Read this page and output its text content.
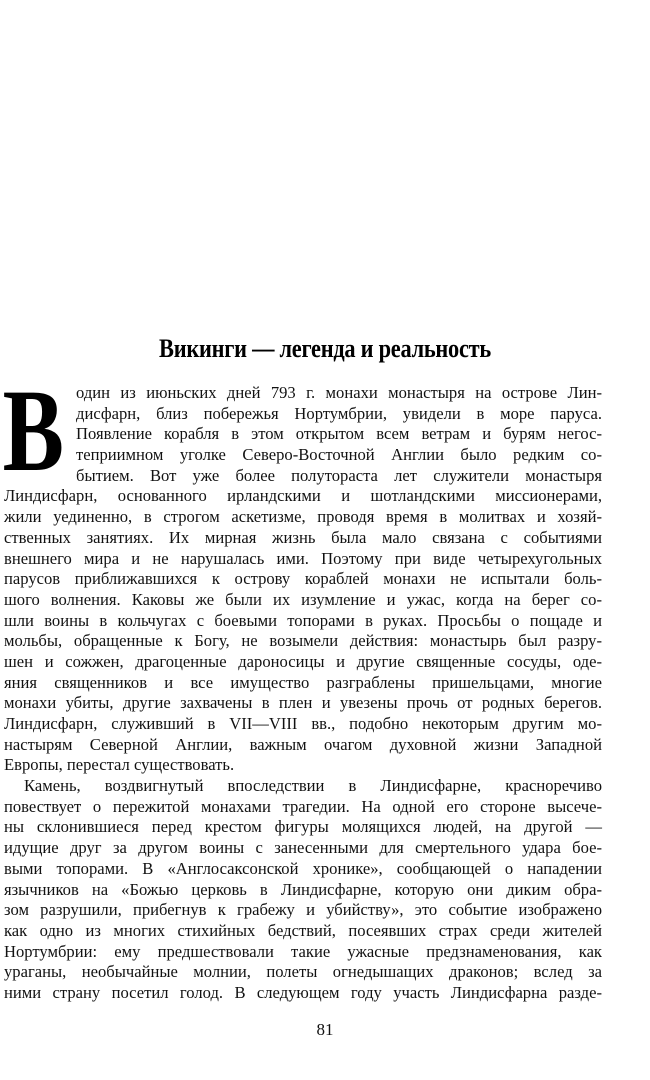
Викинги — легенда и реальность
В один из июньских дней 793 г. монахи монастыря на острове Лин-
дисфарн, близ побережья Нортумбрии, увидели в море паруса.
Появление корабля в этом открытом всем ветрам и бурям негос-
теприимном уголке Северо-Восточной Англии было редким со-
бытием. Вот уже более полутораста лет служители монастыря
Линдисфарн, основанного ирландскими и шотландскими миссионерами,
жили уединенно, в строгом аскетизме, проводя время в молитвах и хозяй-
ственных занятиях. Их мирная жизнь была мало связана с событиями
внешнего мира и не нарушалась ими. Поэтому при виде четырехугольных
парусов приближавшихся к острову кораблей монахи не испытали боль-
шого волнения. Каковы же были их изумление и ужас, когда на берег со-
шли воины в кольчугах с боевыми топорами в руках. Просьбы о пощаде и
мольбы, обращенные к Богу, не возымели действия: монастырь был разру-
шен и сожжен, драгоценные дароносицы и другие священные сосуды, оде-
яния священников и все имущество разграблены пришельцами, многие
монахи убиты, другие захвачены в плен и увезены прочь от родных берегов.
Линдисфарн, служивший в VII—VIII вв., подобно некоторым другим мо-
настырям Северной Англии, важным очагом духовной жизни Западной
Европы, перестал существовать.
Камень, воздвигнутый впоследствии в Линдисфарне, красноречиво
повествует о пережитой монахами трагедии. На одной его стороне высече-
ны склонившиеся перед крестом фигуры молящихся людей, на другой —
идущие друг за другом воины с занесенными для смертельного удара бое-
выми топорами. В «Англосаксонской хронике», сообщающей о нападении
язычников на «Божью церковь в Линдисфарне, которую они диким обра-
зом разрушили, прибегнув к грабежу и убийству», это событие изображено
как одно из многих стихийных бедствий, посеявших страх среди жителей
Нортумбрии: ему предшествовали такие ужасные предзнаменования, как
ураганы, необычайные молнии, полеты огнедышащих драконов; вслед за
ними страну посетил голод. В следующем году участь Линдисфарна разде-
81
